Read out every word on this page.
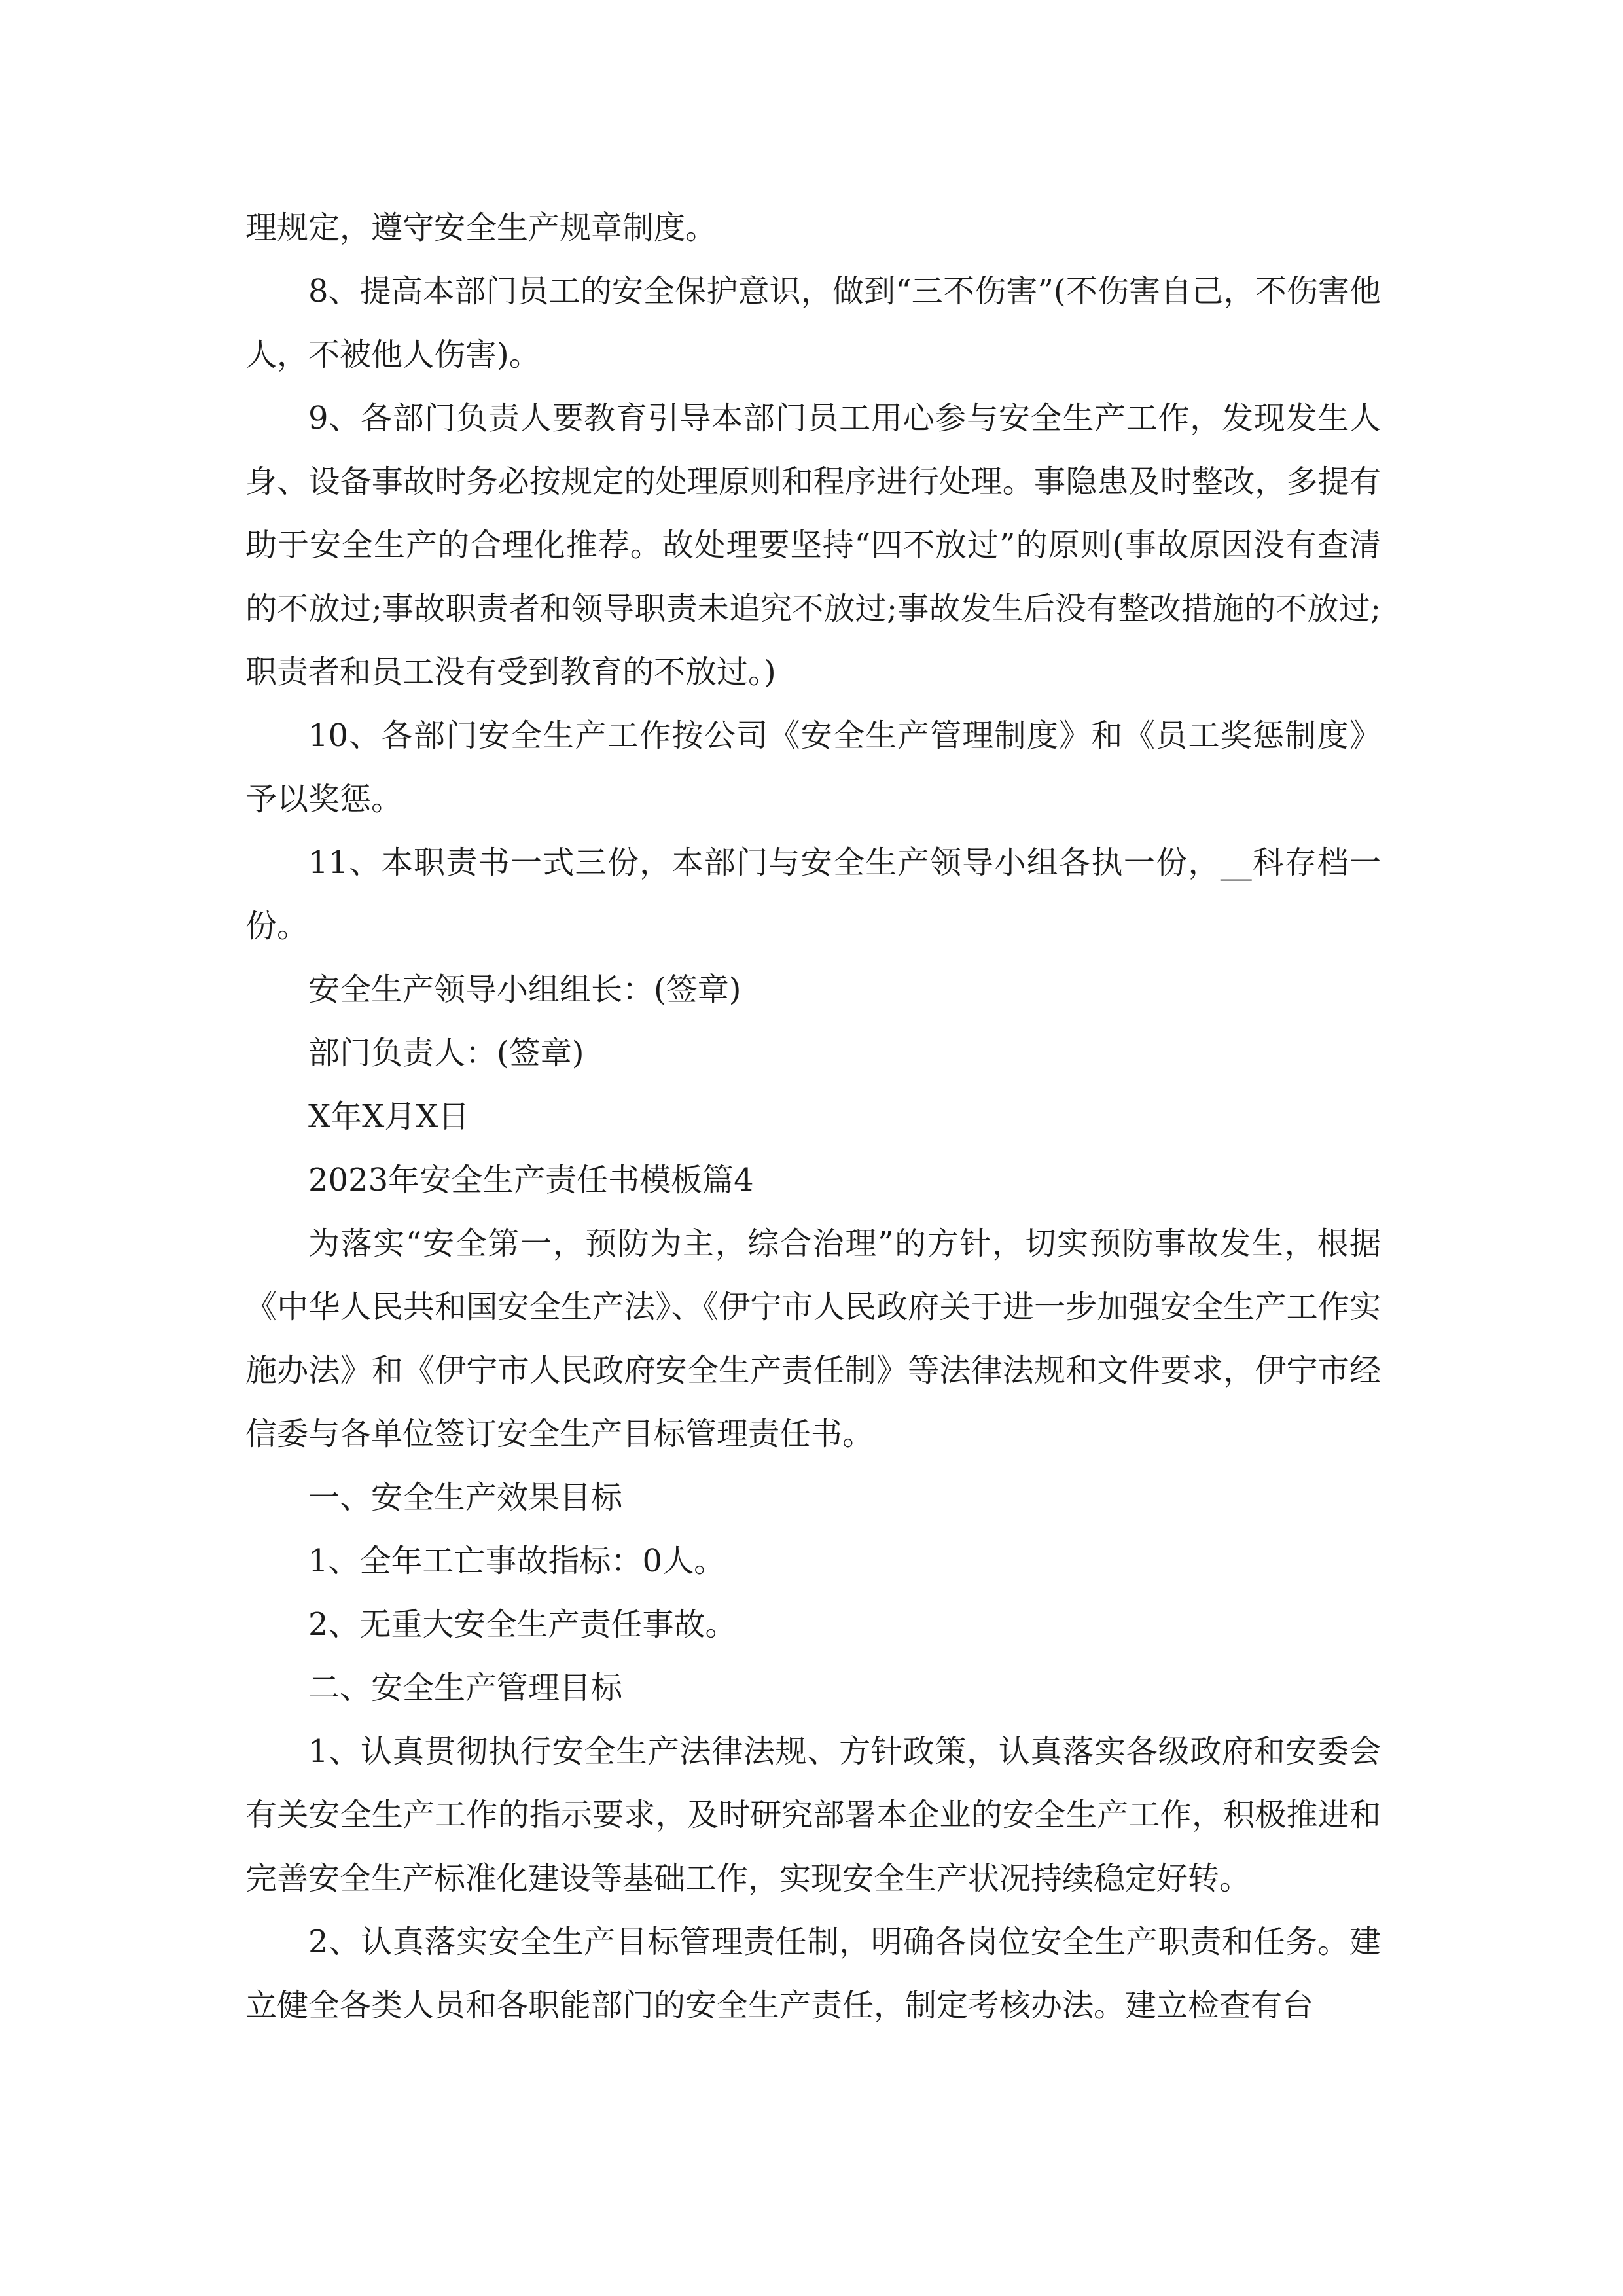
理规定，遵守安全生产规章制度。

8、提高本部门员工的安全保护意识，做到“三不伤害”(不伤害自己，不伤害他人，不被他人伤害)。

9、各部门负责人要教育引导本部门员工用心参与安全生产工作，发现发生人身、设备事故时务必按规定的处理原则和程序进行处理。事隐患及时整改，多提有助于安全生产的合理化推荐。故处理要坚持“四不放过”的原则(事故原因没有查清的不放过;事故职责者和领导职责未追究不放过;事故发生后没有整改措施的不放过;职责者和员工没有受到教育的不放过。)

10、各部门安全生产工作按公司《安全生产管理制度》和《员工奖惩制度》予以奖惩。

11、本职责书一式三份，本部门与安全生产领导小组各执一份，__科存档一份。

安全生产领导小组组长：(签章)

部门负责人：(签章)

X年X月X日

2023年安全生产责任书模板篇4

为落实“安全第一，预防为主，综合治理”的方针，切实预防事故发生，根据《中华人民共和国安全生产法》、《伊宁市人民政府关于进一步加强安全生产工作实施办法》和《伊宁市人民政府安全生产责任制》等法律法规和文件要求，伊宁市经信委与各单位签订安全生产目标管理责任书。

一、安全生产效果目标

1、全年工亡事故指标：0人。

2、无重大安全生产责任事故。

二、安全生产管理目标

1、认真贯彻执行安全生产法律法规、方针政策，认真落实各级政府和安委会有关安全生产工作的指示要求，及时研究部署本企业的安全生产工作，积极推进和完善安全生产标准化建设等基础工作，实现安全生产状况持续稳定好转。

2、认真落实安全生产目标管理责任制，明确各岗位安全生产职责和任务。建立健全各类人员和各职能部门的安全生产责任，制定考核办法。建立检查有台
